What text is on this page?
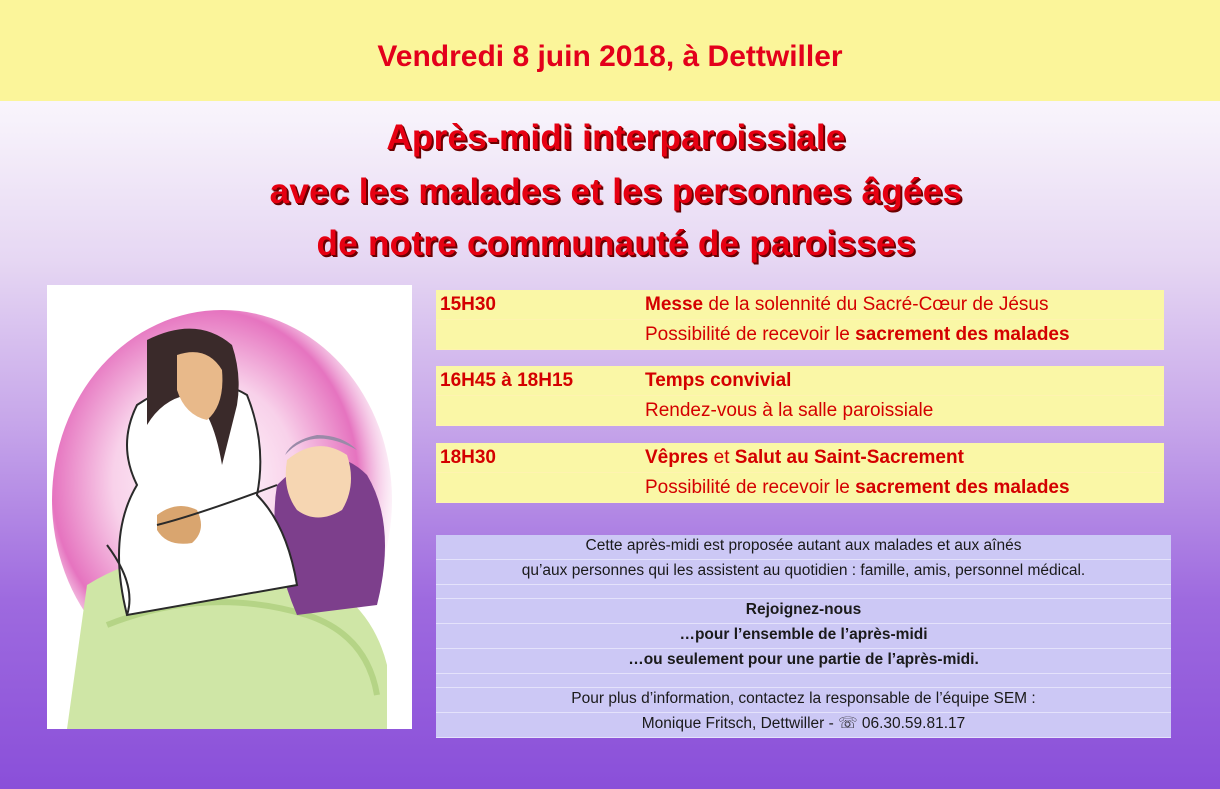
Vendredi 8 juin 2018, à Dettwiller
Après-midi interparoissiale
avec les malades et les personnes âgées
de notre communauté de paroisses
15H30	Messe de la solennité du Sacré-Cœur de Jésus
Possibilité de recevoir le sacrement des malades
16H45 à 18H15	Temps convivial
Rendez-vous à la salle paroissiale
18H30	Vêpres et Salut au Saint-Sacrement
Possibilité de recevoir le sacrement des malades
Cette après-midi est proposée autant aux malades et aux aînés
qu’aux personnes qui les assistent au quotidien : famille, amis, personnel médical.
Rejoignez-nous
…pour l’ensemble de l’après-midi
…ou seulement pour une partie de l’après-midi.
Pour plus d’information, contactez la responsable de l’équipe SEM :
Monique Fritsch, Dettwiller - ☏ 06.30.59.81.17
